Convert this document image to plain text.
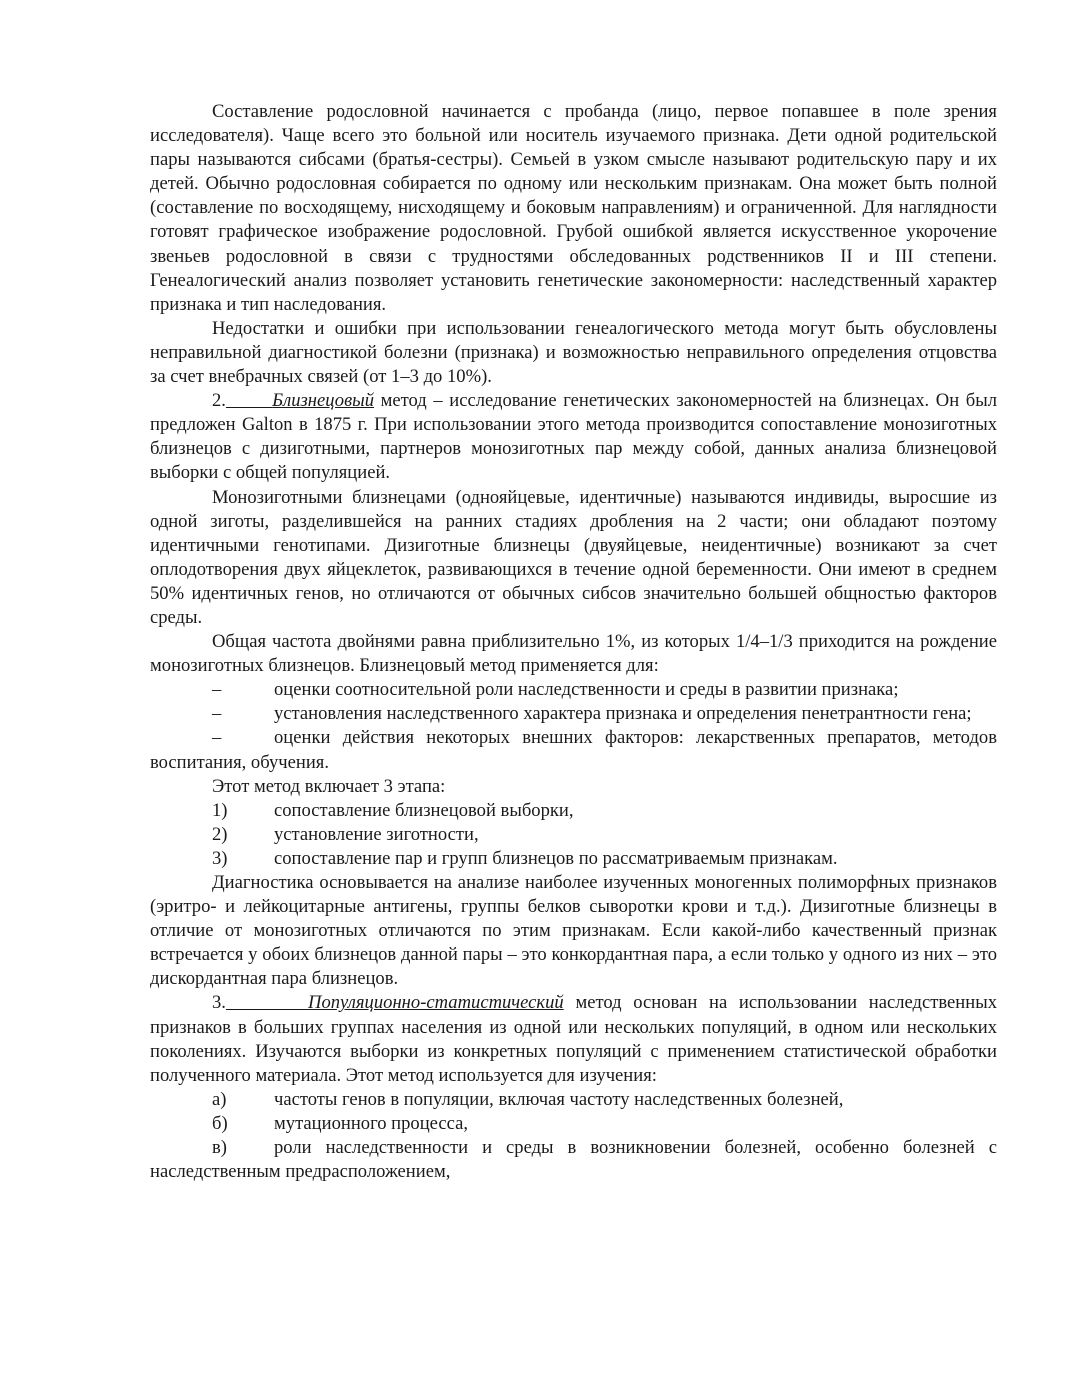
Составление родословной начинается с пробанда (лицо, первое попавшее в поле зрения исследователя). Чаще всего это больной или носитель изучаемого признака. Дети одной родительской пары называются сибсами (братья-сестры). Семьей в узком смысле называют родительскую пару и их детей. Обычно родословная собирается по одному или нескольким признакам. Она может быть полной (составление по восходящему, нисходящему и боковым направлениям) и ограниченной. Для наглядности готовят графическое изображение родословной. Грубой ошибкой является искусственное укорочение звеньев родословной в связи с трудностями обследованных родственников II и III степени. Генеалогический анализ позволяет установить генетические закономерности: наследственный характер признака и тип наследования.

Недостатки и ошибки при использовании генеалогического метода могут быть обусловлены неправильной диагностикой болезни (признака) и возможностью неправильного определения отцовства за счет внебрачных связей (от 1–3 до 10%).

2. Близнецовый метод – исследование генетических закономерностей на близнецах. Он был предложен Galton в 1875 г. При использовании этого метода производится сопоставление монозиготных близнецов с дизиготными, партнеров монозиготных пар между собой, данных анализа близнецовой выборки с общей популяцией.

Монозиготными близнецами (однояйцевые, идентичные) называются индивиды, выросшие из одной зиготы, разделившейся на ранних стадиях дробления на 2 части; они обладают поэтому идентичными генотипами. Дизиготные близнецы (двуяйцевые, неидентичные) возникают за счет оплодотворения двух яйцеклеток, развивающихся в течение одной беременности. Они имеют в среднем 50% идентичных генов, но отличаются от обычных сибсов значительно большей общностью факторов среды.

Общая частота двойнями равна приблизительно 1%, из которых 1/4–1/3 приходится на рождение монозиготных близнецов. Близнецовый метод применяется для:

–	оценки соотносительной роли наследственности и среды в развитии признака;

–	установления наследственного характера признака и определения пенетрантности гена;

–	оценки действия некоторых внешних факторов: лекарственных препаратов, методов воспитания, обучения.

Этот метод включает 3 этапа:

1)	сопоставление близнецовой выборки,

2)	установление зиготности,

3)	сопоставление пар и групп близнецов по рассматриваемым признакам.

Диагностика основывается на анализе наиболее изученных моногенных полиморфных признаков (эритро- и лейкоцитарные антигены, группы белков сыворотки крови и т.д.). Дизиготные близнецы в отличие от монозиготных отличаются по этим признакам. Если какой-либо качественный признак встречается у обоих близнецов данной пары – это конкордантная пара, а если только у одного из них – это дискордантная пара близнецов.

3.	Популяционно-статистический метод основан на использовании наследственных признаков в больших группах населения из одной или нескольких популяций, в одном или нескольких поколениях. Изучаются выборки из конкретных популяций с применением статистической обработки полученного материала. Этот метод используется для изучения:

а)	частоты генов в популяции, включая частоту наследственных болезней,

б) мутационного процесса,

в)	роли наследственности и среды в возникновении болезней, особенно болезней с наследственным предрасположением,
